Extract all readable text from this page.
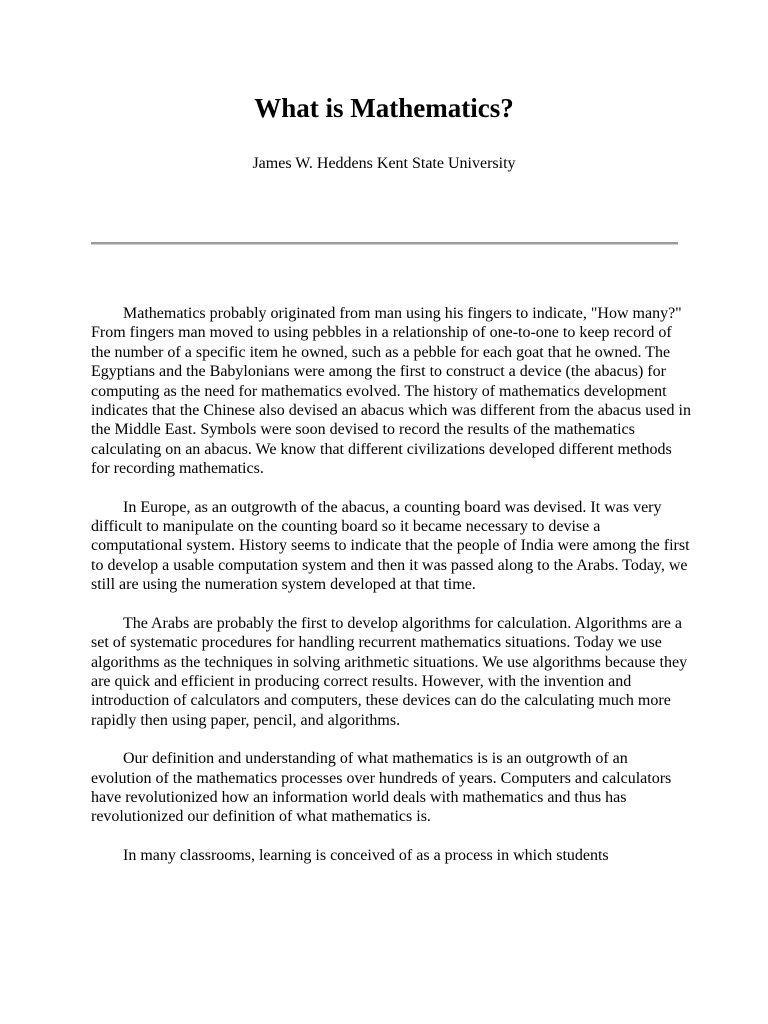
What is Mathematics?

James W. Heddens Kent State University

Mathematics probably originated from man using his fingers to indicate, "How many?" From fingers man moved to using pebbles in a relationship of one-to-one to keep record of the number of a specific item he owned, such as a pebble for each goat that he owned. The Egyptians and the Babylonians were among the first to construct a device (the abacus) for computing as the need for mathematics evolved. The history of mathematics development indicates that the Chinese also devised an abacus which was different from the abacus used in the Middle East. Symbols were soon devised to record the results of the mathematics calculating on an abacus. We know that different civilizations developed different methods for recording mathematics.

In Europe, as an outgrowth of the abacus, a counting board was devised. It was very difficult to manipulate on the counting board so it became necessary to devise a computational system. History seems to indicate that the people of India were among the first to develop a usable computation system and then it was passed along to the Arabs. Today, we still are using the numeration system developed at that time.

The Arabs are probably the first to develop algorithms for calculation. Algorithms are a set of systematic procedures for handling recurrent mathematics situations. Today we use algorithms as the techniques in solving arithmetic situations. We use algorithms because they are quick and efficient in producing correct results. However, with the invention and introduction of calculators and computers, these devices can do the calculating much more rapidly then using paper, pencil, and algorithms.

Our definition and understanding of what mathematics is is an outgrowth of an evolution of the mathematics processes over hundreds of years. Computers and calculators have revolutionized how an information world deals with mathematics and thus has revolutionized our definition of what mathematics is.

In many classrooms, learning is conceived of as a process in which students
